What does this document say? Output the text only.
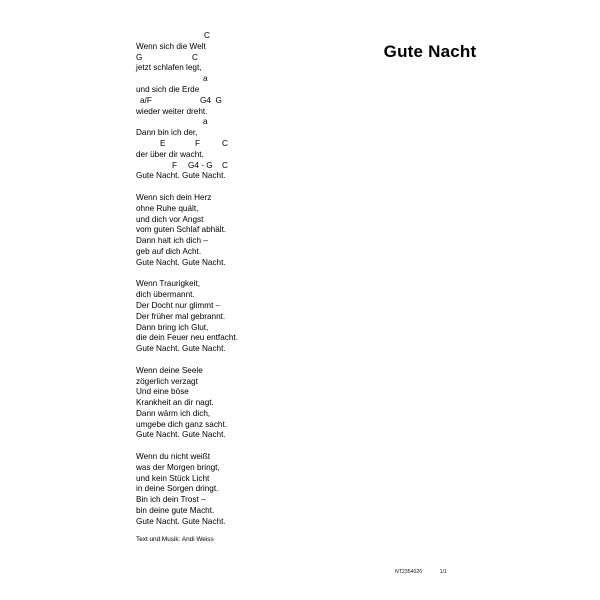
Gute Nacht
C
Wenn sich die Welt
G	C
jetzt schlafen legt,
a
und sich die Erde
a/F	G4  G
wieder weiter dreht.
a
Dann bin ich der,
E	F	C
der über dir wacht.
F G4 - G C
Gute Nacht. Gute Nacht.
Wenn sich dein Herz
ohne Ruhe quält,
und dich vor Angst
vom guten Schlaf abhält.
Dann halt ich dich –
geb auf dich Acht.
Gute Nacht. Gute Nacht.
Wenn Traurigkeit,
dich übermannt.
Der Docht nur glimmt –
Der früher mal gebrannt.
Dann bring ich Glut,
die dein Feuer neu entfacht.
Gute Nacht. Gute Nacht.
Wenn deine Seele
zögerlich verzagt
Und eine böse
Krankheit an dir nagt.
Dann wärm ich dich,
umgebe dich ganz sacht.
Gute Nacht. Gute Nacht.
Wenn du nicht weißt
was der Morgen bringt,
und kein Stück Licht
in deine Sorgen dringt.
Bin ich dein Trost –
bin deine gute Macht.
Gute Nacht. Gute Nacht.
Text und Musik: Andi Weiss
NT2354026	1/1
